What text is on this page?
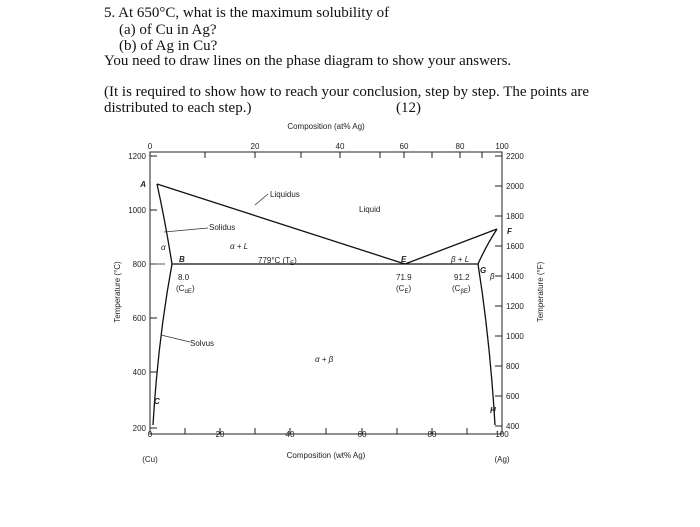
5. At 650°C, what is the maximum solubility of
(a) of Cu in Ag?
(b) of Ag in Cu?
You need to draw lines on the phase diagram to show your answers.
(It is required to show how to reach your conclusion, step by step. The points are
distributed to each step.)	(12)
1200
1000
800
600
400
200
2200
2000
1800
1600
1400
1200
1000
800
600
400
0	20	40	60	80	100
0	20	40	60	80	100
Composition (at% Ag)
Composition (wt% Ag)
(Cu)	(Ag)
Temperature (°C)	Temperature (°F)
Liquidus
Liquid
Solidus
Solvus
α + L
β + L
α + β
α
β
779°C $(T_E)$
A
B
C
E
F
G
H
8.0
$(C_{\alpha E})$
71.9
$(C_E)$
91.2
$(C_{\beta E})$
